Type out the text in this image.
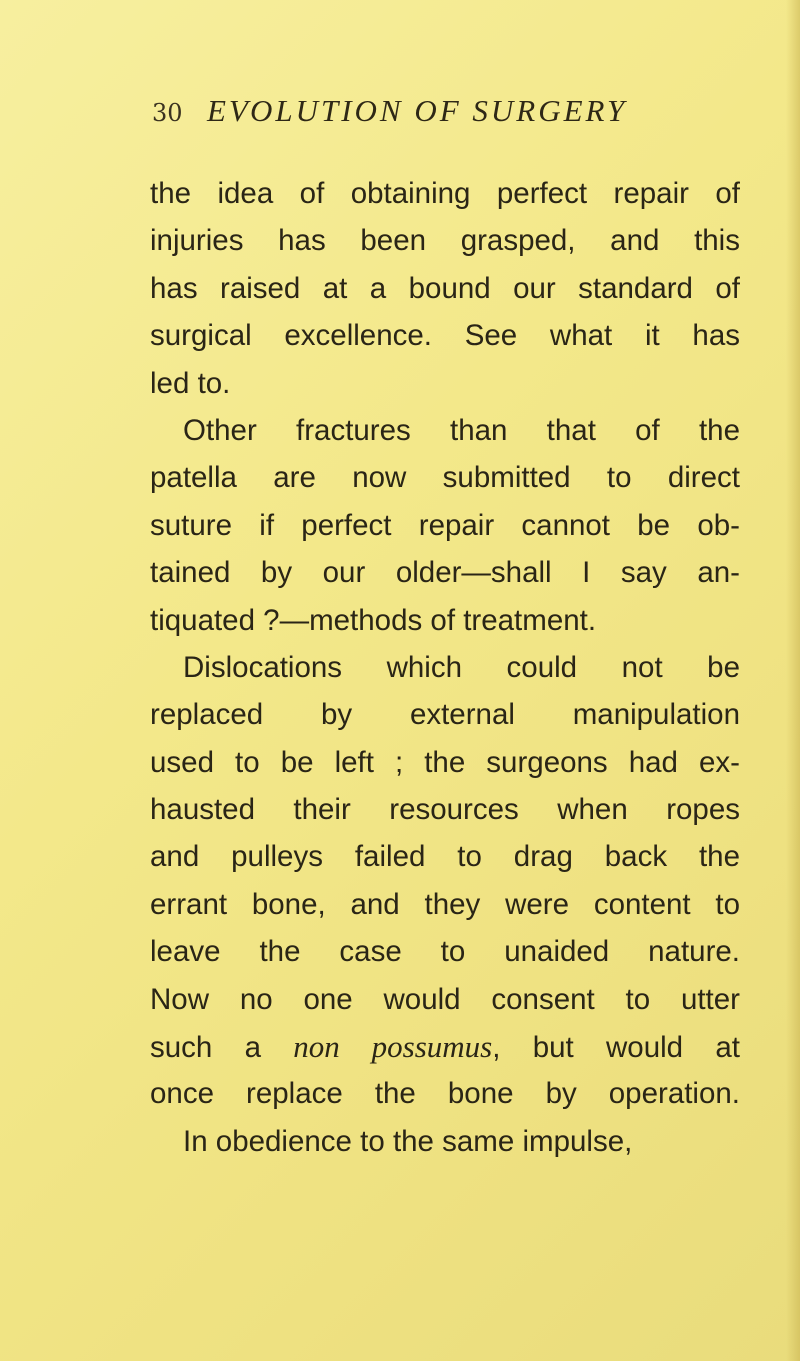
30 EVOLUTION OF SURGERY
the idea of obtaining perfect repair of
injuries has been grasped, and this
has raised at a bound our standard of
surgical excellence. See what it has
led to.
Other fractures than that of the
patella are now submitted to direct
suture if perfect repair cannot be ob-
tained by our older—shall I say an-
tiquated ?—methods of treatment.
Dislocations which could not be
replaced by external manipulation
used to be left ; the surgeons had ex-
hausted their resources when ropes
and pulleys failed to drag back the
errant bone, and they were content to
leave the case to unaided nature.
Now no one would consent to utter
such a non possumus, but would at
once replace the bone by operation.
In obedience to the same impulse,
